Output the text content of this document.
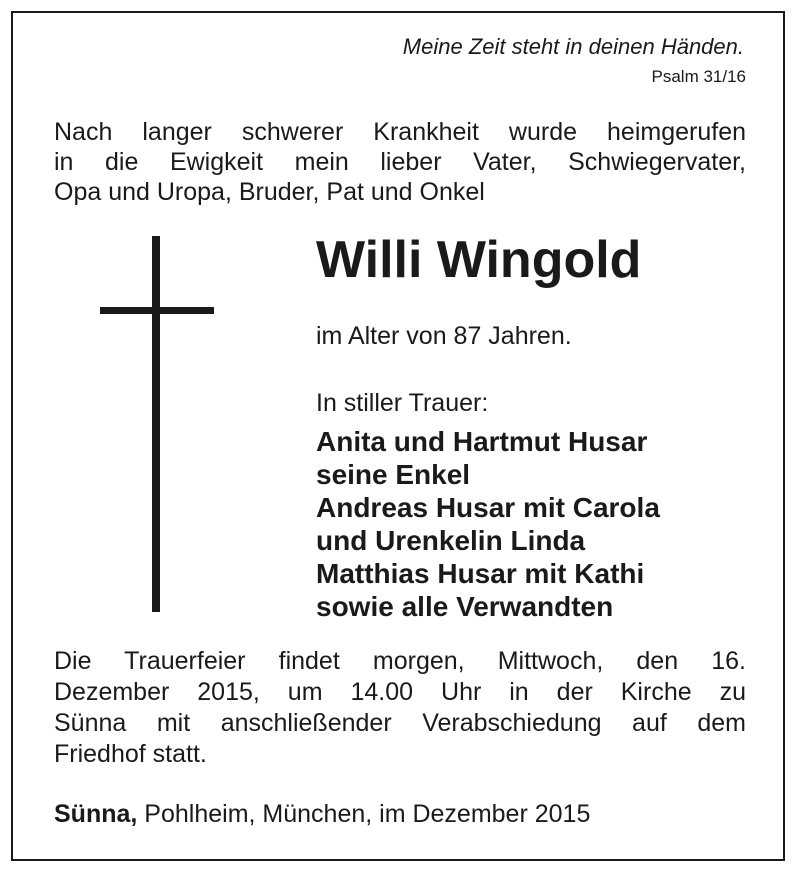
Meine Zeit steht in deinen Händen.
Psalm 31/16
Nach langer schwerer Krankheit wurde heimgerufen
in die Ewigkeit mein lieber Vater, Schwiegervater,
Opa und Uropa, Bruder, Pat und Onkel
Willi Wingold
im Alter von 87 Jahren.
In stiller Trauer:
Anita und Hartmut Husar
seine Enkel
Andreas Husar mit Carola
und Urenkelin Linda
Matthias Husar mit Kathi
sowie alle Verwandten
Die Trauerfeier findet morgen, Mittwoch, den 16.
Dezember 2015, um 14.00 Uhr in der Kirche zu
Sünna mit anschließender Verabschiedung auf dem
Friedhof statt.
Sünna, Pohlheim, München, im Dezember 2015
